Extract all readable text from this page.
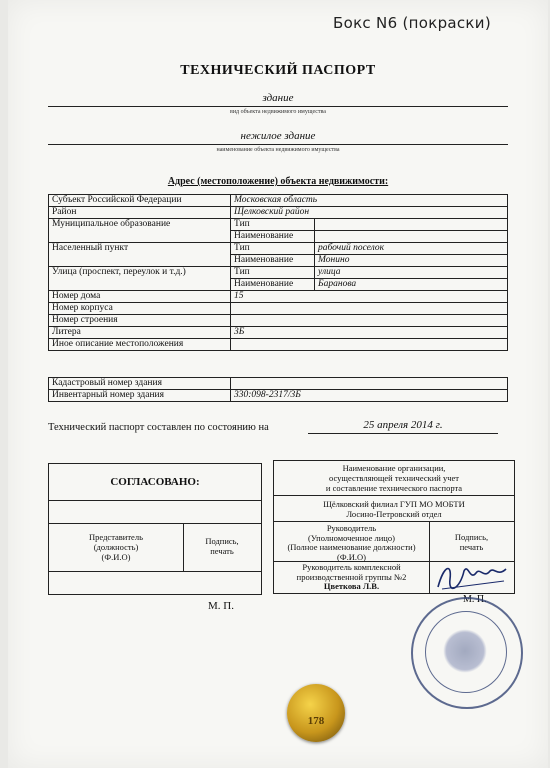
Бокс N6 (покраски)
ТЕХНИЧЕСКИЙ ПАСПОРТ
здание
вид объекта недвижимого имущества
нежилое здание
наименование объекта недвижимого имущества
Адрес (местоположение) объекта недвижимости:
Субъект Российской Федерации	Московская область	
Район	Щелковский район	
Муниципальное образование	Тип	
	Наименование	
Населенный пункт	Тип	рабочий поселок
	Наименование	Монино
Улица (проспект, переулок и т.д.)	Тип	улица
	Наименование	Баранова
Номер дома	15	
Номер корпуса		
Номер строения		
Литера	3Б	
Иное описание местоположения		
Кадастровый номер здания	
Инвентарный номер здания	330:098-2317/3Б
Технический паспорт составлен по состоянию на	25 апреля 2014 г.
СОГЛАСОВАНО:
Представитель
(должность)
(Ф.И.О)
Подпись,
печать
Наименование организации,
осуществляющей технический учет
и составление технического паспорта
Щёлковский филиал ГУП МО МОБТИ
Лосино-Петровский отдел
Руководитель
(Уполномоченное лицо)
(Полное наименование должности)
(Ф.И.О)
Подпись,
печать
Руководитель комплексной
производственной группы №2
Цветкова Л.В.
М. П.
М. П.
178
